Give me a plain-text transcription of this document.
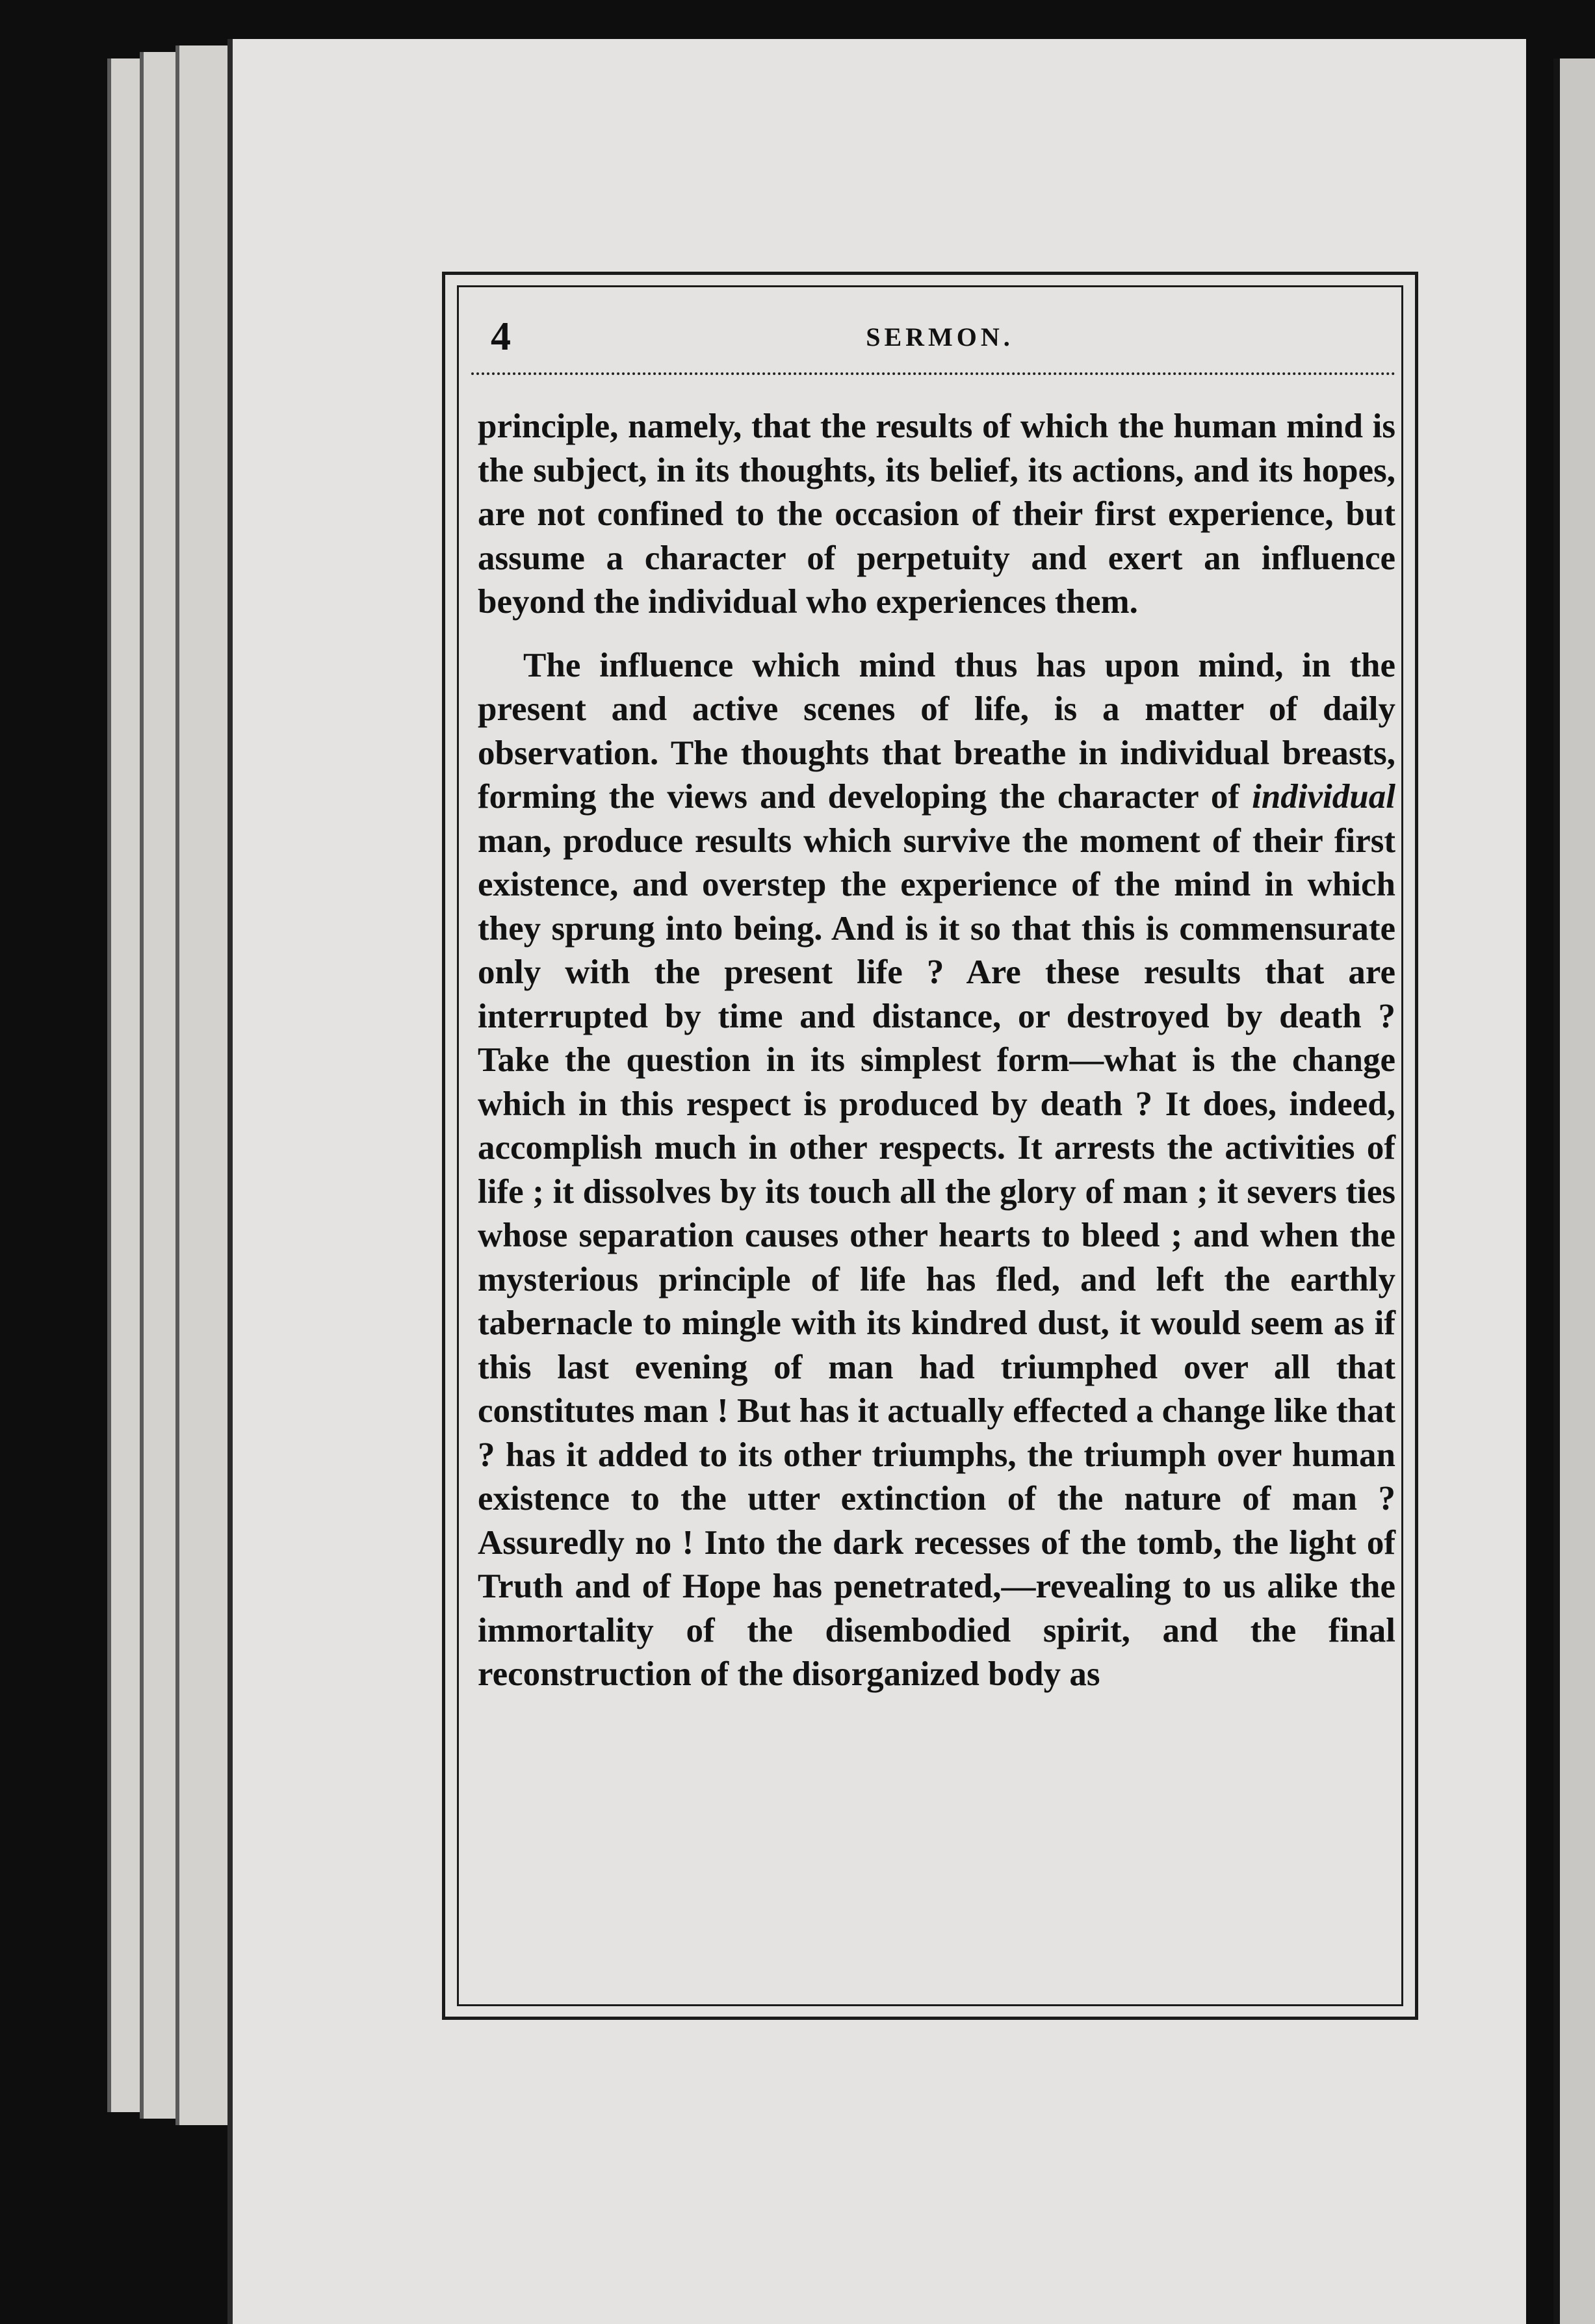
4	SERMON.

principle, namely, that the results of which the human mind is the subject, in its thoughts, its belief, its actions, and its hopes, are not confined to the occasion of their first experience, but assume a character of perpetuity and exert an influence beyond the individual who experiences them.

The influence which mind thus has upon mind, in the present and active scenes of life, is a matter of daily observation. The thoughts that breathe in individual breasts, forming the views and developing the character of individual man, produce results which survive the moment of their first existence, and overstep the experience of the mind in which they sprung into being. And is it so that this is commensurate only with the present life ? Are these results that are interrupted by time and distance, or destroyed by death ? Take the question in its simplest form—what is the change which in this respect is produced by death ? It does, indeed, accomplish much in other respects. It arrests the activities of life ; it dissolves by its touch all the glory of man ; it severs ties whose separation causes other hearts to bleed ; and when the mysterious principle of life has fled, and left the earthly tabernacle to mingle with its kindred dust, it would seem as if this last evening of man had triumphed over all that constitutes man ! But has it actually effected a change like that ? has it added to its other triumphs, the triumph over human existence to the utter extinction of the nature of man ? Assuredly no ! Into the dark recesses of the tomb, the light of Truth and of Hope has penetrated,—revealing to us alike the immortality of the disembodied spirit, and the final reconstruction of the disorganized body as
